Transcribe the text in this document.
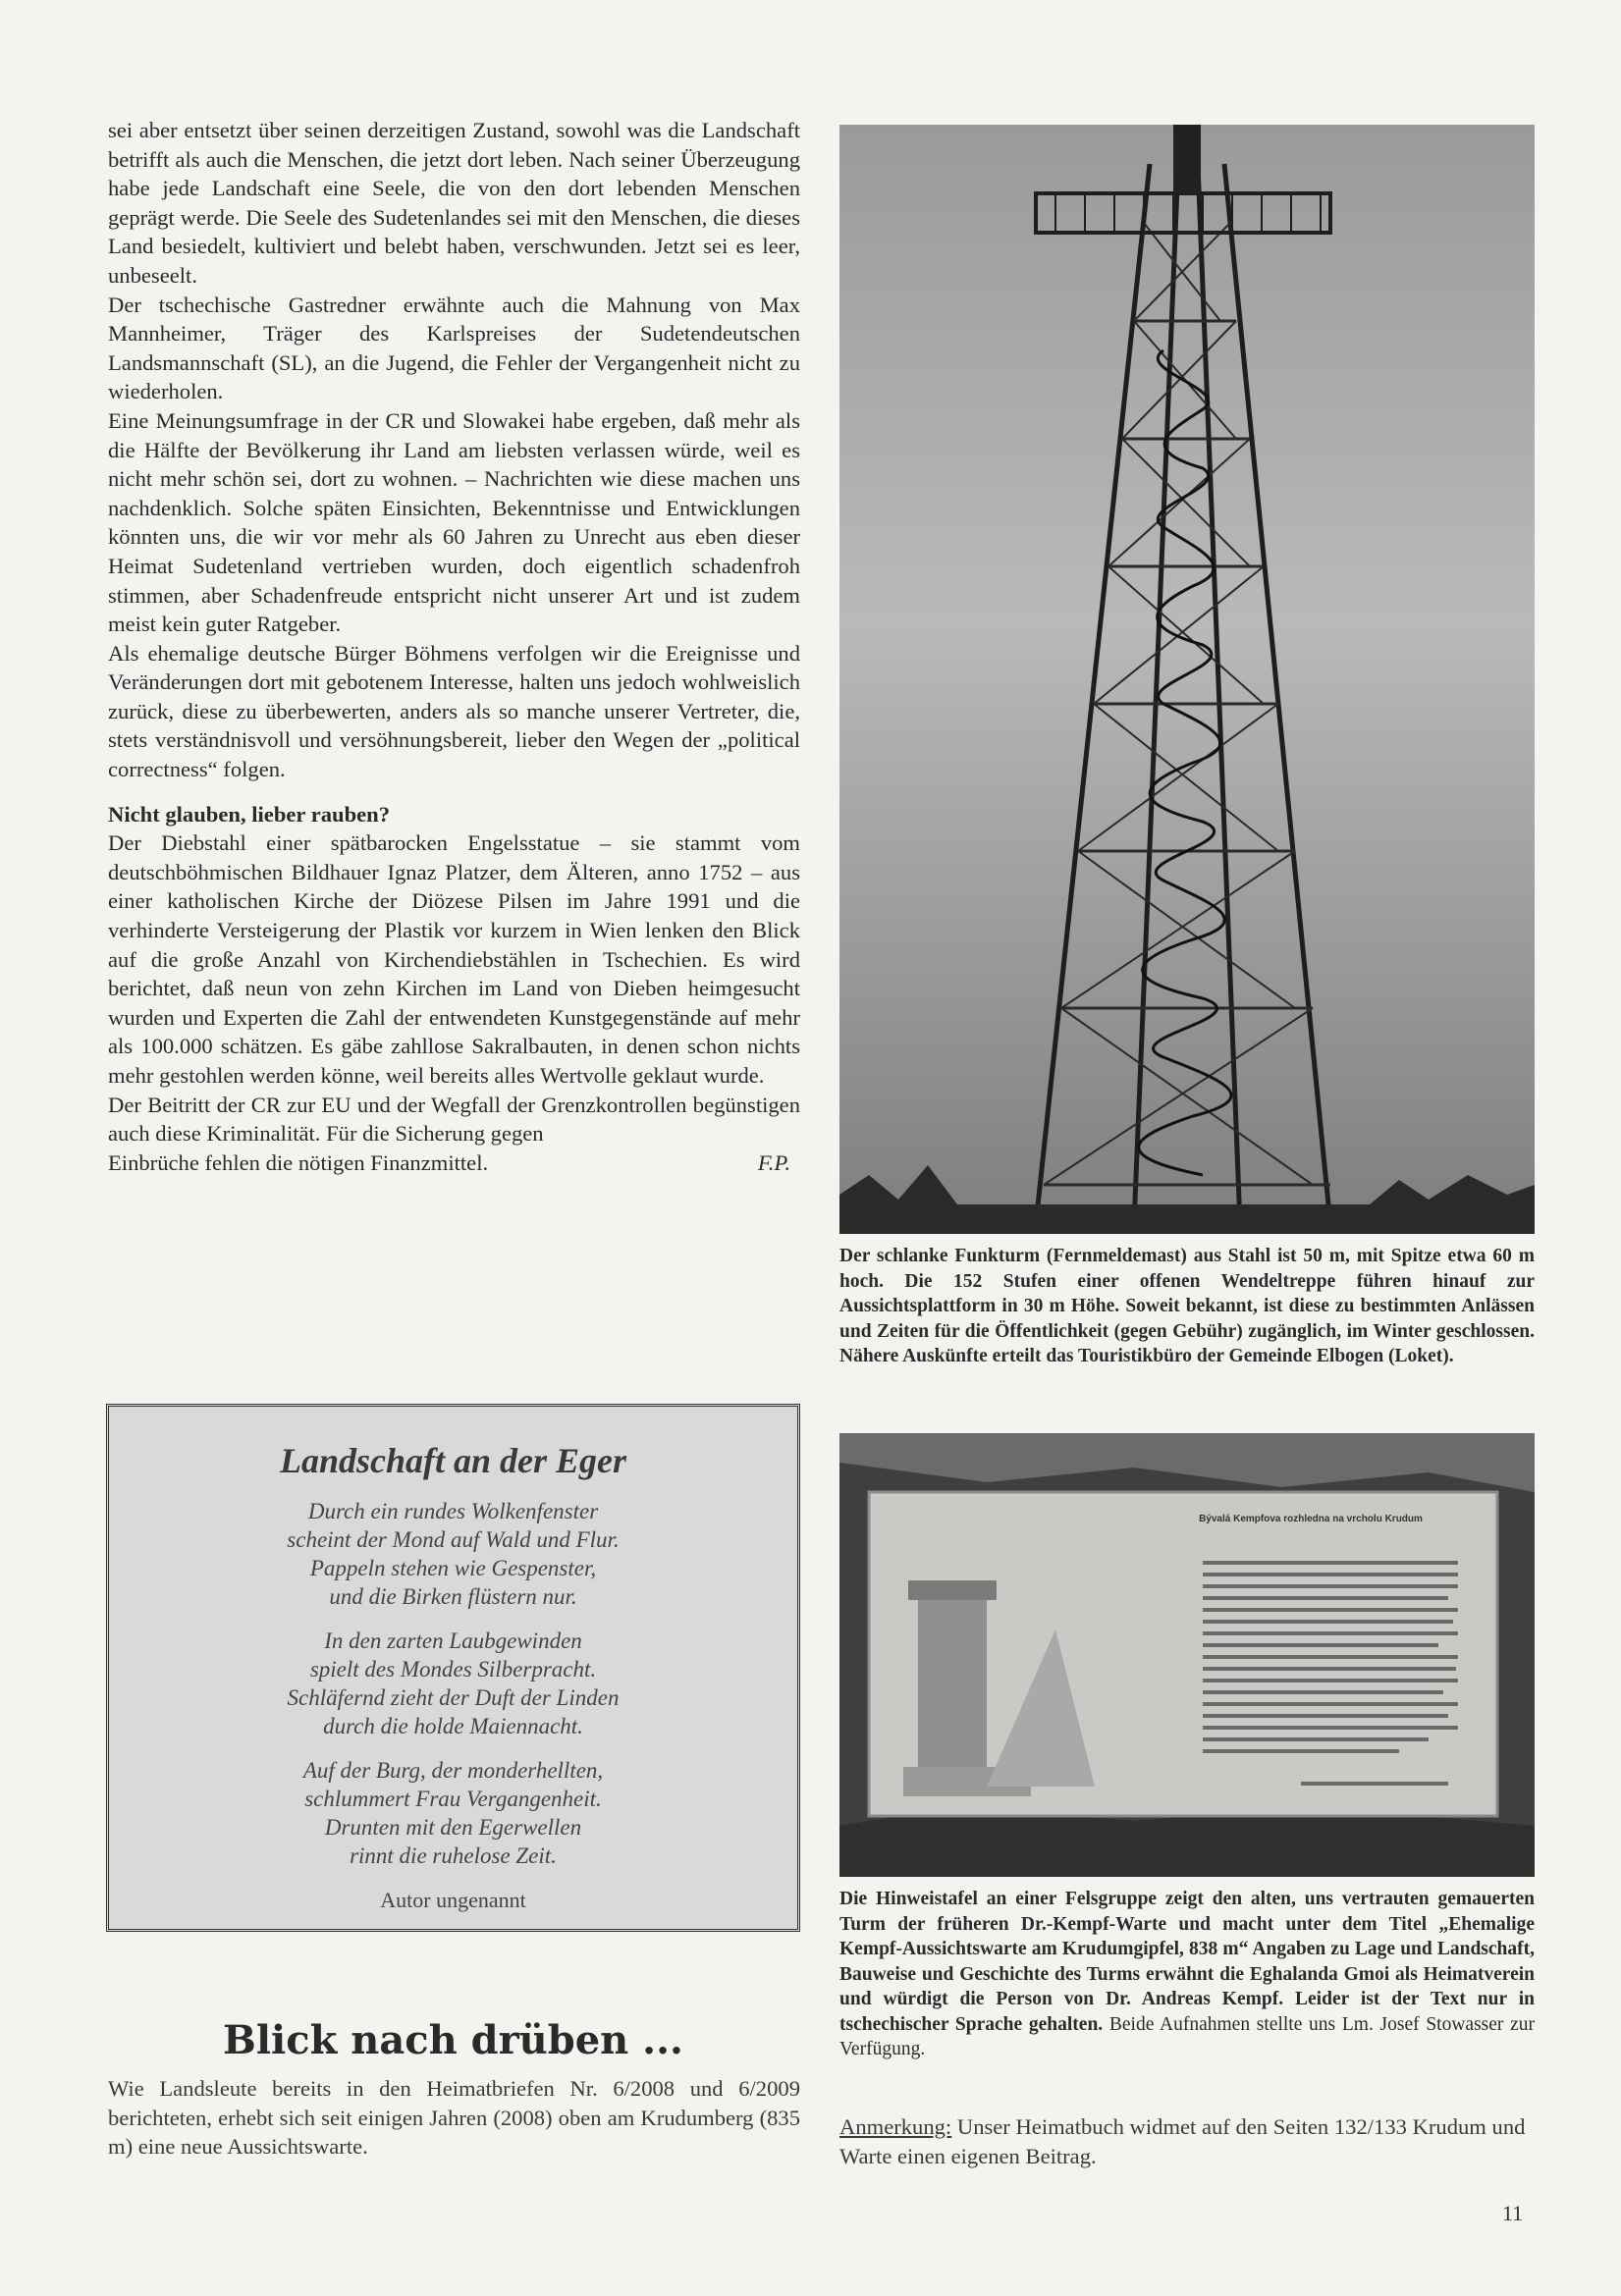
sei aber entsetzt über seinen derzeitigen Zustand, sowohl was die Landschaft betrifft als auch die Menschen, die jetzt dort leben. Nach seiner Überzeugung habe jede Landschaft eine Seele, die von den dort lebenden Menschen geprägt werde. Die Seele des Sudetenlandes sei mit den Menschen, die dieses Land besiedelt, kultiviert und belebt haben, verschwunden. Jetzt sei es leer, unbeseelt.

Der tschechische Gastredner erwähnte auch die Mahnung von Max Mannheimer, Träger des Karlspreises der Sudetendeutschen Landsmannschaft (SL), an die Jugend, die Fehler der Vergangenheit nicht zu wiederholen.

Eine Meinungsumfrage in der CR und Slowakei habe ergeben, daß mehr als die Hälfte der Bevölkerung ihr Land am liebsten verlassen würde, weil es nicht mehr schön sei, dort zu wohnen. – Nachrichten wie diese machen uns nachdenklich. Solche späten Einsichten, Bekenntnisse und Entwicklungen könnten uns, die wir vor mehr als 60 Jahren zu Unrecht aus eben dieser Heimat Sudetenland vertrieben wurden, doch eigentlich schadenfroh stimmen, aber Schadenfreude entspricht nicht unserer Art und ist zudem meist kein guter Ratgeber.

Als ehemalige deutsche Bürger Böhmens verfolgen wir die Ereignisse und Veränderungen dort mit gebotenem Interesse, halten uns jedoch wohlweislich zurück, diese zu überbewerten, anders als so manche unserer Vertreter, die, stets verständnisvoll und versöhnungsbereit, lieber den Wegen der „political correctness“ folgen.

Nicht glauben, lieber rauben?

Der Diebstahl einer spätbarocken Engelsstatue – sie stammt vom deutschböhmischen Bildhauer Ignaz Platzer, dem Älteren, anno 1752 – aus einer katholischen Kirche der Diözese Pilsen im Jahre 1991 und die verhinderte Versteigerung der Plastik vor kurzem in Wien lenken den Blick auf die große Anzahl von Kirchendiebstählen in Tschechien. Es wird berichtet, daß neun von zehn Kirchen im Land von Dieben heimgesucht wurden und Experten die Zahl der entwendeten Kunstgegenstände auf mehr als 100.000 schätzen. Es gäbe zahllose Sakralbauten, in denen schon nichts mehr gestohlen werden könne, weil bereits alles Wertvolle geklaut wurde.

Der Beitritt der CR zur EU und der Wegfall der Grenzkontrollen begünstigen auch diese Kriminalität. Für die Sicherung gegen

Einbrüche fehlen die nötigen Finanzmittel.	F.P.
Landschaft an der Eger
Durch ein rundes Wolkenfenster
scheint der Mond auf Wald und Flur.
Pappeln stehen wie Gespenster,
und die Birken flüstern nur.
In den zarten Laubgewinden
spielt des Mondes Silberpracht.
Schläfernd zieht der Duft der Linden
durch die holde Maiennacht.
Auf der Burg, der monderhellten,
schlummert Frau Vergangenheit.
Drunten mit den Egerwellen
rinnt die ruhelose Zeit.
Autor ungenannt
Blick nach drüben ...
Wie Landsleute bereits in den Heimatbriefen Nr. 6/2008 und 6/2009 berichteten, erhebt sich seit einigen Jahren (2008) oben am Krudumberg (835 m) eine neue Aussichtswarte.
Der schlanke Funkturm (Fernmeldemast) aus Stahl ist 50 m, mit Spitze etwa 60 m hoch. Die 152 Stufen einer offenen Wendeltreppe führen hinauf zur Aussichtsplattform in 30 m Höhe. Soweit bekannt, ist diese zu bestimmten Anlässen und Zeiten für die Öffentlichkeit (gegen Gebühr) zugänglich, im Winter geschlossen. Nähere Auskünfte erteilt das Touristikbüro der Gemeinde Elbogen (Loket).
Bývalá Kempfova rozhledna na vrcholu Krudum
Die Hinweistafel an einer Felsgruppe zeigt den alten, uns vertrauten gemauerten Turm der früheren Dr.-Kempf-Warte und macht unter dem Titel „Ehemalige Kempf-Aussichtswarte am Krudumgipfel, 838 m“ Angaben zu Lage und Landschaft, Bauweise und Geschichte des Turms erwähnt die Eghalanda Gmoi als Heimatverein und würdigt die Person von Dr. Andreas Kempf. Leider ist der Text nur in tschechischer Sprache gehalten. Beide Aufnahmen stellte uns Lm. Josef Stowasser zur Verfügung.
Anmerkung: Unser Heimatbuch widmet auf den Seiten 132/133 Krudum und Warte einen eigenen Beitrag.
11
